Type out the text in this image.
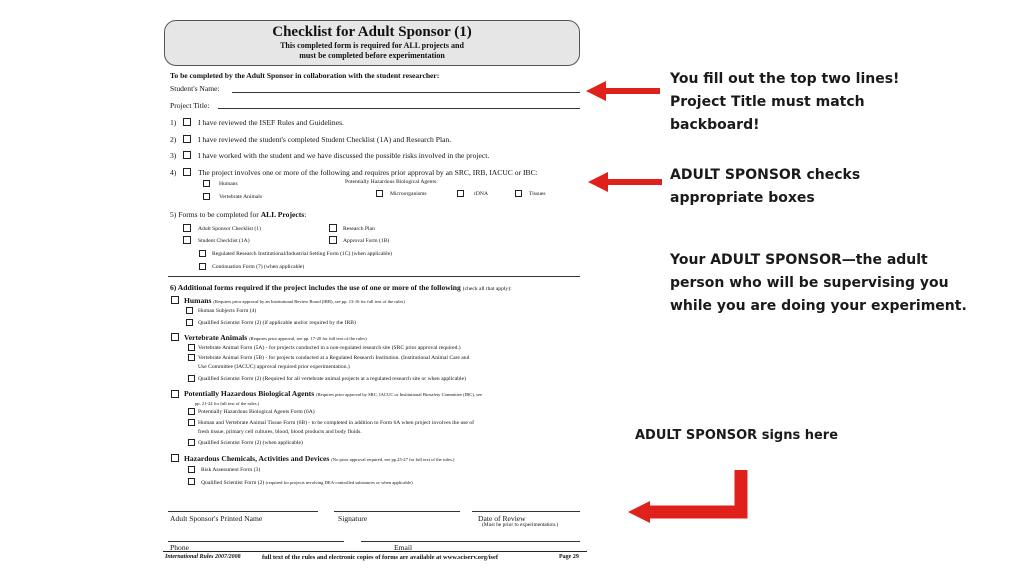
Checklist for Adult Sponsor (1)
This completed form is required for ALL projects and
must be completed before experimentation
To be completed by the Adult Sponsor in collaboration with the student researcher:
Student's Name:
Project Title:
1)	I have reviewed the ISEF Rules and Guidelines.
2)	I have reviewed the student's completed Student Checklist (1A) and Research Plan.
3)	I have worked with the student and we have discussed the possible risks involved in the project.
4)	The project involves one or more of the following and requires prior approval by an SRC, IRB, IACUC or IBC:
Humans	Potentially Hazardous Biological Agents:
Microorganisms	rDNA	Tissues
Vertebrate Animals
5) Forms to be completed for ALL Projects:
Adult Sponsor Checklist (1)	Research Plan
Student Checklist (1A)	Approval Form (1B)
Regulated Research Institutional/Industrial Setting Form (1C) (when applicable)
Continuation Form (7) (when applicable)
6) Additional forms required if the project includes the use of one or more of the following (check all that apply):
Humans (Requires prior approval by an Institutional Review Board (IRB), see pp. 13-16 for full text of the rules)
Human Subjects Form (4)
Qualified Scientist Form (2) (if applicable and/or required by the IRB)
Vertebrate Animals (Requires prior approval, see pp. 17-20 for full text of the rules)
Vertebrate Animal Form (5A) - for projects conducted in a non-regulated research site (SRC prior approval required.)
Vertebrate Animal Form (5B) - for projects conducted at a Regulated Research Institution. (Institutional Animal Care and
Use Committee (IACUC) approval required prior experimentation.)
Qualified Scientist Form (2) (Required for all vertebrate animal projects at a regulated research site or when applicable)
Potentially Hazardous Biological Agents (Requires prior approval by SRC, IACUC or Institutional Biosafety Committee (IBC), see
pp. 21-24 for full text of the rules.)
Potentially Hazardous Biological Agents Form (6A)
Human and Vertebrate Animal Tissue Form (6B) - to be completed in addition to Form 6A when project involves the use of
fresh tissue, primary cell cultures, blood, blood products and body fluids.
Qualified Scientist Form (2) (when applicable)
Hazardous Chemicals, Activities and Devices (No prior approval required, see pp.25-27 for full text of the rules.)
Risk Assessment Form (3)
Qualified Scientist Form (2) (required for projects involving DEA-controlled substances or when applicable)
Adult Sponsor's Printed Name	Signature	Date of Review
(Must be prior to experimentation.)
Phone	Email
International Rules 2007/2008	full text of the rules and electronic copies of forms are available at www.sciserv.org/isef	Page 29
You fill out the top two lines!
Project Title must match
backboard!
ADULT SPONSOR checks
appropriate boxes
Your ADULT SPONSOR—the adult
person who will be supervising you
while you are doing your experiment.
ADULT SPONSOR signs here
